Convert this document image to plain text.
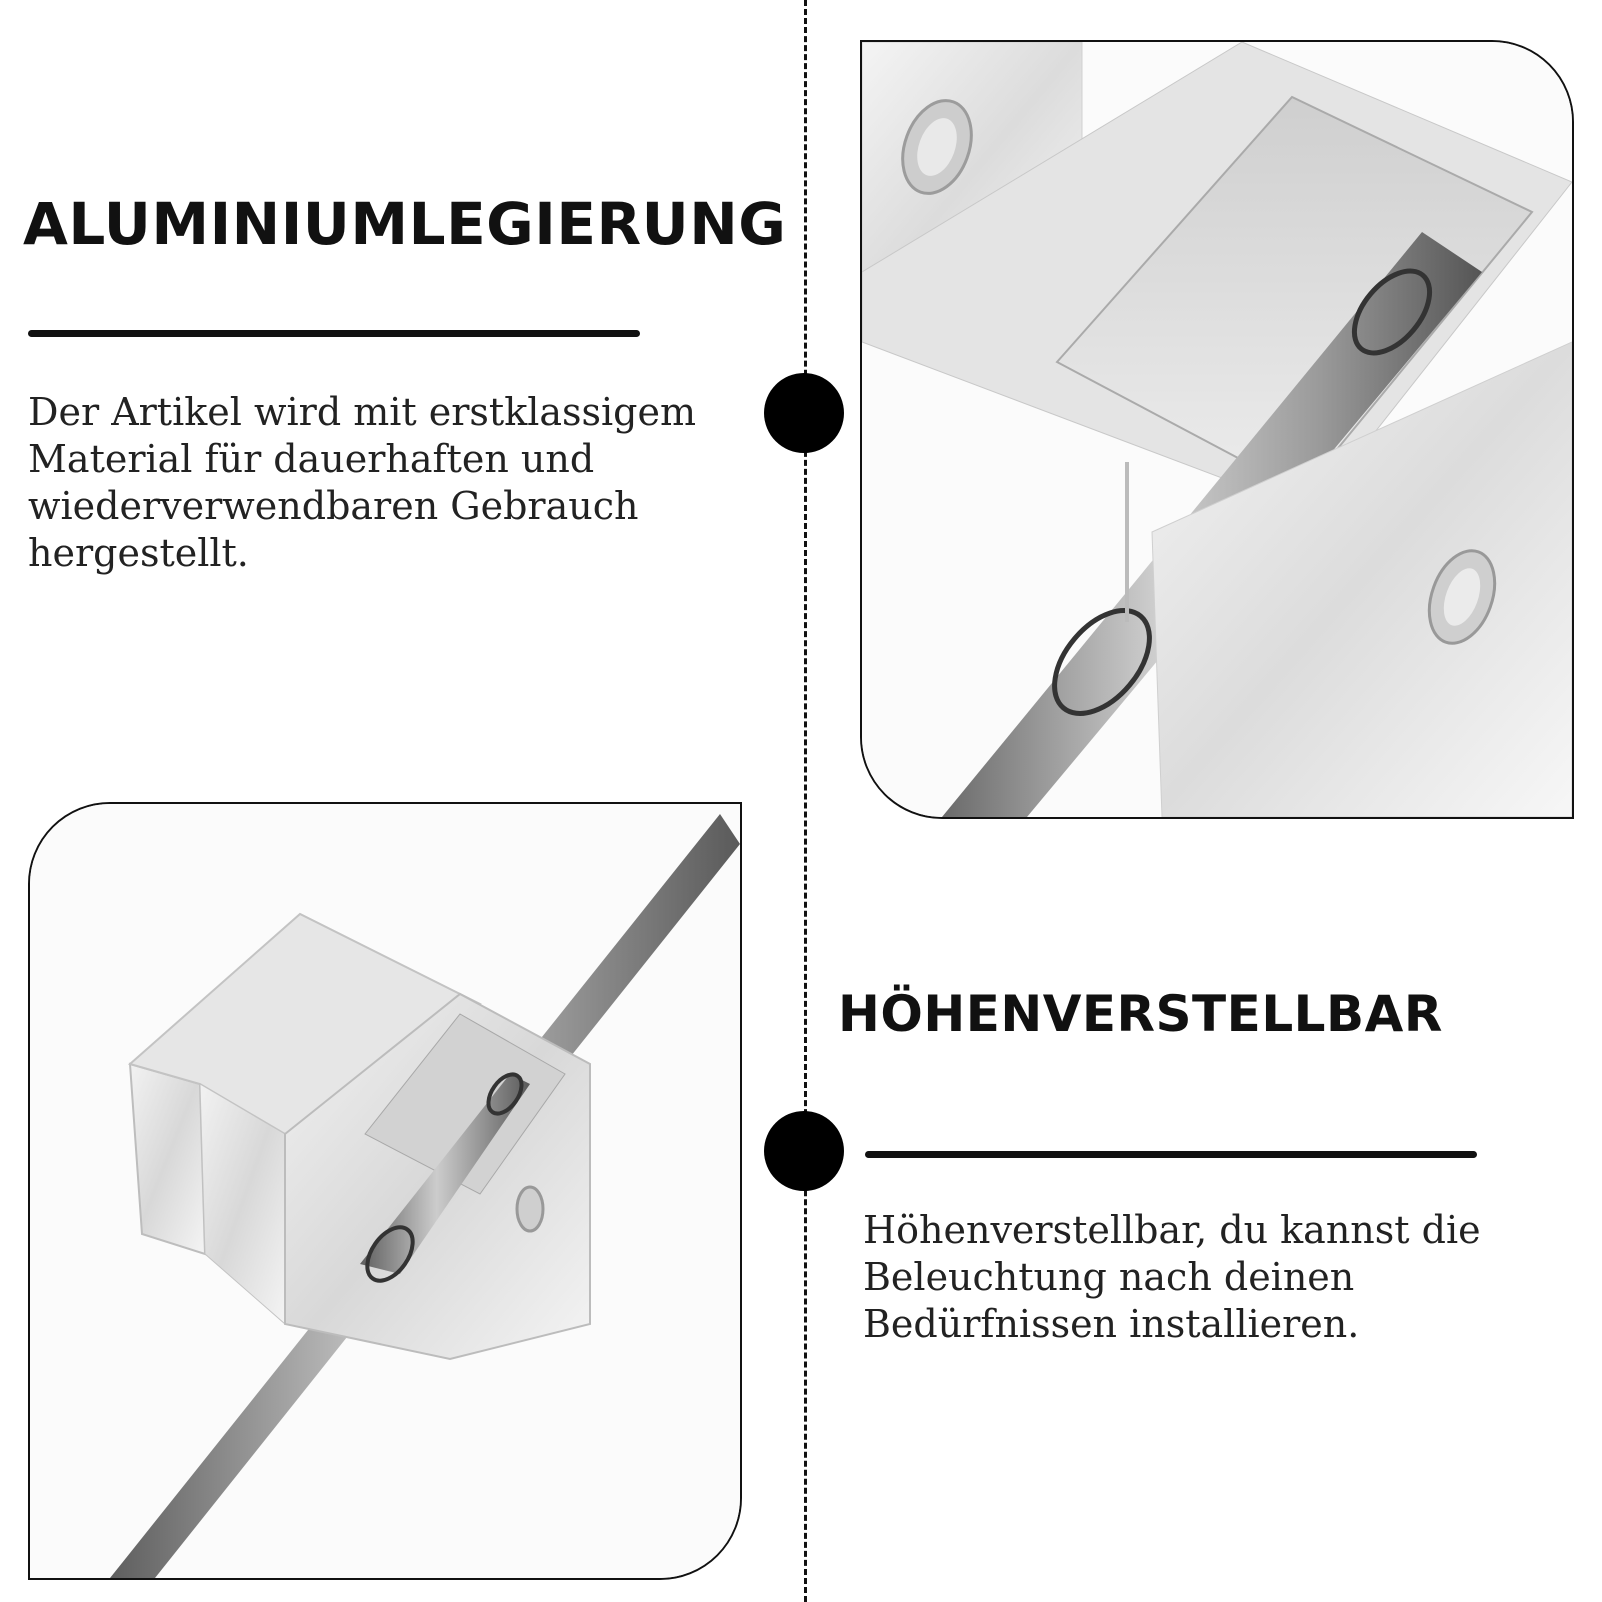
ALUMINIUMLEGIERUNG

Der Artikel wird mit erstklassigem Material für dauerhaften und wiederverwendbaren Gebrauch hergestellt.

HÖHENVERSTELLBAR

Höhenverstellbar, du kannst die Beleuchtung nach deinen Bedürfnissen installieren.
